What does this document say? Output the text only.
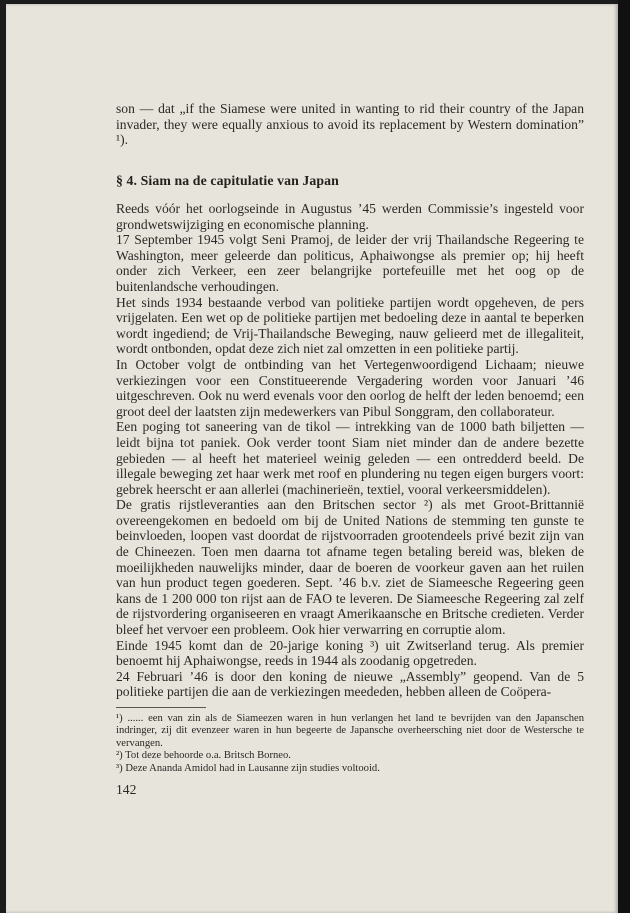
son — dat „if the Siamese were united in wanting to rid their country of the Japan invader, they were equally anxious to avoid its replacement by Western domination” ¹).

§ 4. Siam na de capitulatie van Japan

Reeds vóór het oorlogseinde in Augustus ’45 werden Commissie’s ingesteld voor grondwetswijziging en economische planning.

17 September 1945 volgt Seni Pramoj, de leider der vrij Thailandsche Regeering te Washington, meer geleerde dan politicus, Aphaiwongse als premier op; hij heeft onder zich Verkeer, een zeer belangrijke portefeuille met het oog op de buitenlandsche verhoudingen.

Het sinds 1934 bestaande verbod van politieke partijen wordt opgeheven, de pers vrijgelaten. Een wet op de politieke partijen met bedoeling deze in aantal te beperken wordt ingediend; de Vrij-Thailandsche Beweging, nauw gelieerd met de illegaliteit, wordt ontbonden, opdat deze zich niet zal omzetten in een politieke partij.

In October volgt de ontbinding van het Vertegenwoordigend Lichaam; nieuwe verkiezingen voor een Constitueerende Vergadering worden voor Januari ’46 uitgeschreven. Ook nu werd evenals voor den oorlog de helft der leden benoemd; een groot deel der laatsten zijn medewerkers van Pibul Songgram, den collaborateur.

Een poging tot saneering van de tikol — intrekking van de 1000 bath biljetten — leidt bijna tot paniek. Ook verder toont Siam niet minder dan de andere bezette gebieden — al heeft het materieel weinig geleden — een ontredderd beeld. De illegale beweging zet haar werk met roof en plundering nu tegen eigen burgers voort: gebrek heerscht er aan allerlei (machinerieën, textiel, vooral verkeersmiddelen).

De gratis rijstleveranties aan den Britschen sector ²) als met Groot-Brittannië overeengekomen en bedoeld om bij de United Nations de stemming ten gunste te beinvloeden, loopen vast doordat de rijstvoorraden grootendeels privé bezit zijn van de Chineezen. Toen men daarna tot afname tegen betaling bereid was, bleken de moeilijkheden nauwelijks minder, daar de boeren de voorkeur gaven aan het ruilen van hun product tegen goederen. Sept. ’46 b.v. ziet de Siameesche Regeering geen kans de 1 200 000 ton rijst aan de FAO te leveren. De Siameesche Regeering zal zelf de rijstvordering organiseeren en vraagt Amerikaansche en Britsche credieten. Verder bleef het vervoer een probleem. Ook hier verwarring en corruptie alom.

Einde 1945 komt dan de 20-jarige koning ³) uit Zwitserland terug. Als premier benoemt hij Aphaiwongse, reeds in 1944 als zoodanig opgetreden.

24 Februari ’46 is door den koning de nieuwe „Assembly” geopend. Van de 5 politieke partijen die aan de verkiezingen meededen, hebben alleen de Coöpera-

¹) ...... een van zin als de Siameezen waren in hun verlangen het land te bevrijden van den Japanschen indringer, zij dit evenzeer waren in hun begeerte de Japansche overheersching niet door de Westersche te vervangen.

²) Tot deze behoorde o.a. Britsch Borneo.

³) Deze Ananda Amidol had in Lausanne zijn studies voltooid.

142
